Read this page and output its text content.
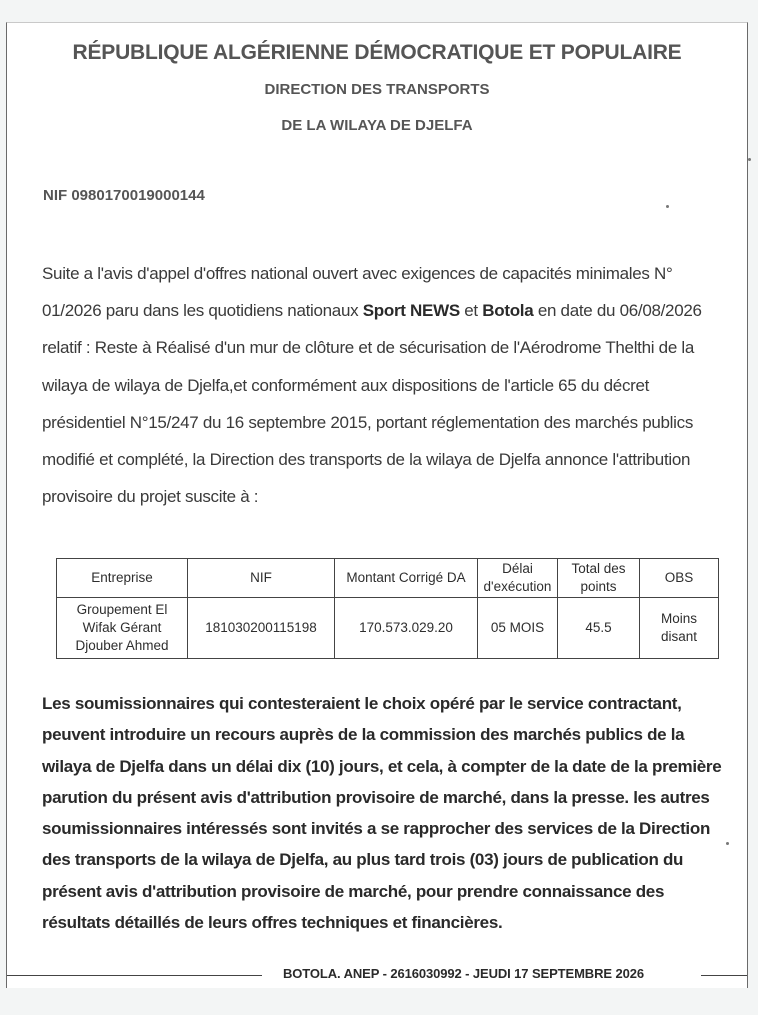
RÉPUBLIQUE ALGÉRIENNE DÉMOCRATIQUE ET POPULAIRE
DIRECTION DES TRANSPORTS
DE LA WILAYA DE DJELFA
NIF 0980170019000144
Suite a l'avis d'appel d'offres national ouvert avec exigences de capacités minimales N° 01/2026 paru dans les quotidiens nationaux Sport NEWS et Botola en date du 06/08/2026 relatif : Reste à Réalisé d'un mur de clôture et de sécurisation de l'Aérodrome Thelthi de la wilaya de wilaya de Djelfa,et conformément aux dispositions de l'article 65 du décret présidentiel N°15/247 du 16 septembre 2015, portant réglementation des marchés publics modifié et complété, la Direction des transports de la wilaya de Djelfa annonce l'attribution provisoire du projet suscite à :
Entreprise	NIF	Montant Corrigé DA	Délai d'exécution	Total des points	OBS
Groupement El Wifak Gérant Djouber Ahmed	181030200115198	170.573.029.20	05 MOIS	45.5	Moins disant
Les soumissionnaires qui contesteraient le choix opéré par le service contractant, peuvent introduire un recours auprès de la commission des marchés publics de la wilaya de Djelfa dans un délai dix (10) jours, et cela, à compter de la date de la première parution du présent avis d'attribution provisoire de marché, dans la presse. les autres soumissionnaires intéressés sont invités a se rapprocher des services de la Direction des transports de la wilaya de Djelfa, au plus tard trois (03) jours de publication du présent avis d'attribution provisoire de marché, pour prendre connaissance des résultats détaillés de leurs offres techniques et financières.
BOTOLA. ANEP - 2616030992 - JEUDI 17 SEPTEMBRE 2026
